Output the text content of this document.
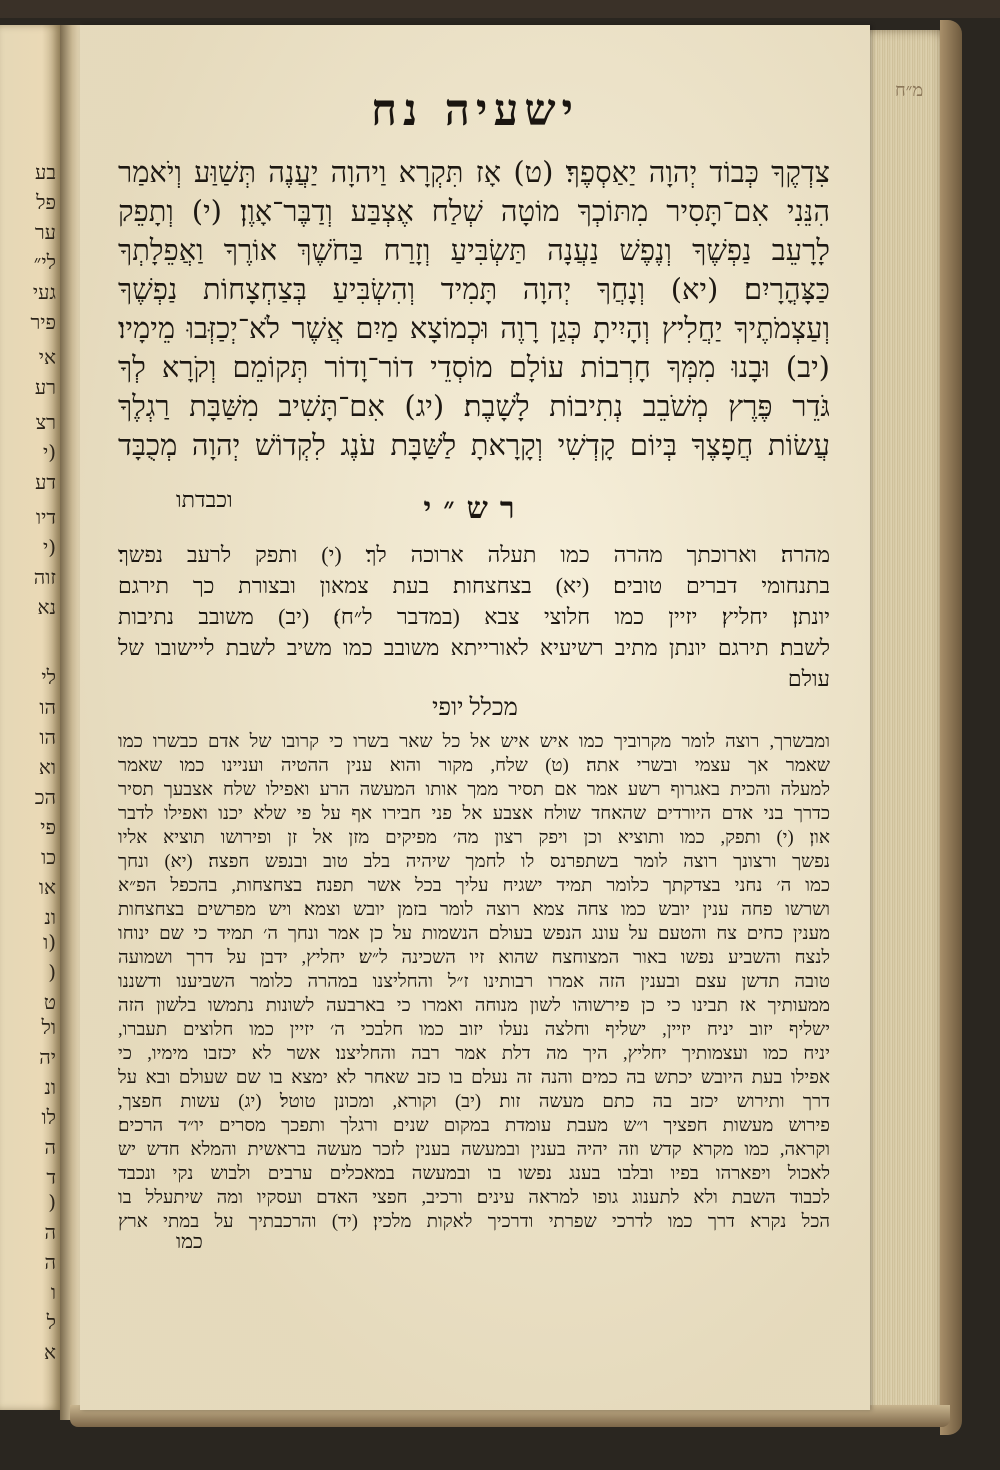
בע
פל
ער
לי״
געי
פיר
אי
רע
רצ
(י
דע
דיו
(י
זוה
נא
לי
הו
הו
וא
הכ
פי
כו
או
ונ
(ו
(
ט
ול
יה
ונ
לו
ה
ד
(
ה
ה
ו
ל
א
מ״ח
ישעיה נח
צִדְקֶךָ כְּבוֹד יְהוָה יַאַסְפֶךָ׃ (ט) אָז תִּקְרָא וַיהוָה יַעֲנֶה תְּשַׁוַּע וְיֹאמַר
הִנֵּנִי אִם־תָּסִיר מִתּוֹכְךָ מוֹטָה שְׁלַח אֶצְבַּע וְדַבֶּר־אָוֶן׃ (י) וְתָפֵק
לָרָעֵב נַפְשֶׁךָ וְנֶפֶשׁ נַעֲנָה תַּשְׂבִּיעַ וְזָרַח בַּחֹשֶׁךְ אוֹרֶךָ וַאֲפֵלָתְךָ
כַּצָּהֳרָיִם׃ (יא) וְנָחֲךָ יְהוָה תָּמִיד וְהִשְׂבִּיעַ בְּצַחְצָחוֹת נַפְשֶׁךָ
וְעַצְמֹתֶיךָ יַחֲלִיץ וְהָיִיתָ כְּגַן רָוֶה וּכְמוֹצָא מַיִם אֲשֶׁר לֹא־יְכַזְּבוּ מֵימָיו׃
(יב) וּבָנוּ מִמְּךָ חָרְבוֹת עוֹלָם מוֹסְדֵי דוֹר־וָדוֹר תְּקוֹמֵם וְקֹרָא לְךָ
גֹּדֵר פֶּרֶץ מְשֹׁבֵב נְתִיבוֹת לָשָׁבֶת׃ (יג) אִם־תָּשִׁיב מִשַּׁבָּת רַגְלֶךָ
עֲשׂוֹת חֲפָצֶךָ בְּיוֹם קָדְשִׁי וְקָרָאתָ לַשַּׁבָּת עֹנֶג לִקְדוֹשׁ יְהוָה מְכֻבָּד
וכבדתו	רש״י
מהרה׃ וארוכתך מהרה כמו תעלה ארוכה לך׃ (י) ותפק לרעב נפשך׃
בתנחומי דברים טובים׃ (יא) בצחצחות׃ בעת צמאון ובצורת כך תירגם
יונתן׃ יחליץ׃ יזיין כמו חלוצי צבא (במדבר ל״ח)׃ (יב) משובב נתיבות
לשבת׃ תירגם יונתן מתיב רשיעיא לאורייתא משובב כמו משיב לשבת ליישובו של
עולם
מכלל יופי
ומבשרך, רוצה לומר מקרוביך כמו איש איש אל כל שאר בשרו כי קרובו של אדם כבשרו כמו
שאמר אך עצמי ובשרי אתה׃ (ט) שלח, מקור והוא ענין ההטיה ועניינו כמו שאמר
למעלה והכית באגרוף רשע אמר אם תסיר ממך אותו המעשה הרע ואפילו שלח אצבעך תסיר
כדרך בני אדם היורדים שהאחד שולח אצבע אל פני חבירו אף על פי שלא יכנו ואפילו לדבר
און׃ (י) ותפק, כמו ותוציא וכן ויפק רצון מה׳ מפיקים מזן אל זן ופירושו תוציא אליו
נפשך ורצונך רוצה לומר בשתפרנס לו לחמך שיהיה בלב טוב ובנפש חפצה׃ (יא) ונחך
כמו ה׳ נחני בצדקתך כלומר תמיד ישגיח עליך בכל אשר תפנה׃ בצחצחות, בהכפל הפ״א
ושרשו פחה ענין יובש כמו צחה צמא רוצה לומר בזמן יובש וצמא׃ ויש מפרשים בצחצחות
מענין כחים צח והטעם על עונג הנפש בעולם הנשמות על כן אמר ונחך ה׳ תמיד כי שם ינוחו
לנצח והשביע נפשו באור המצוחצח שהוא זיו השכינה ל״ש׃ יחליץ, ידבן על דרך ושמועה
טובה תדשן עצם ובענין הזה אמרו רבותינו ז״ל והחליצנו במהרה כלומר השביענו ודשננו
ממעותיך אז תבינו כי כן פירשוהו לשון מנוחה ואמרו כי בארבעה לשונות נתמשו בלשון הזה
ישליף יזוב יניח יזיין, ישליף וחלצה נעלו יזוב כמו חלבכי ה׳ יזיין כמו חלוצים תעברו,
יניח כמו ועצמותיך יחליץ, היך מה דלת אמר רבה והחליצנו׃ אשר לא יכזבו מימיו, כי
אפילו בעת היובש יכתש בה כמים והנה זה נעלם בו כזב שאחר לא ימצא בו שם שעולם ובא על
דרך ותירוש יכזב בה כתם מעשה זות׃ (יב) וקורא, ומכונן טוטל׃ (יג) עשות חפצך,
פירוש מעשות חפציך ו״ש מעבת עומדת במקום שנים ורגלך ותפכך מסרים יו״ד הרכים׃
וקראה, כמו מקרא קדש וזה יהיה בענין ובמעשה בענין לזכר מעשה בראשית והמלא חדש יש
לאכול ויפארהו בפיו ובלבו בענג נפשו בו ובמעשה במאכלים ערבים ולבוש נקי ונכבד
לכבוד השבת ולא לתענוג גופו למראה עינים׃ ורכיב, חפצי האדם ועסקיו ומה שיתעלל בו
הכל נקרא דרך כמו לדרכי שפרתי ודרכיך לאקות מלכין׃ (יד) והרכבתיך על במתי ארץ
כמו
